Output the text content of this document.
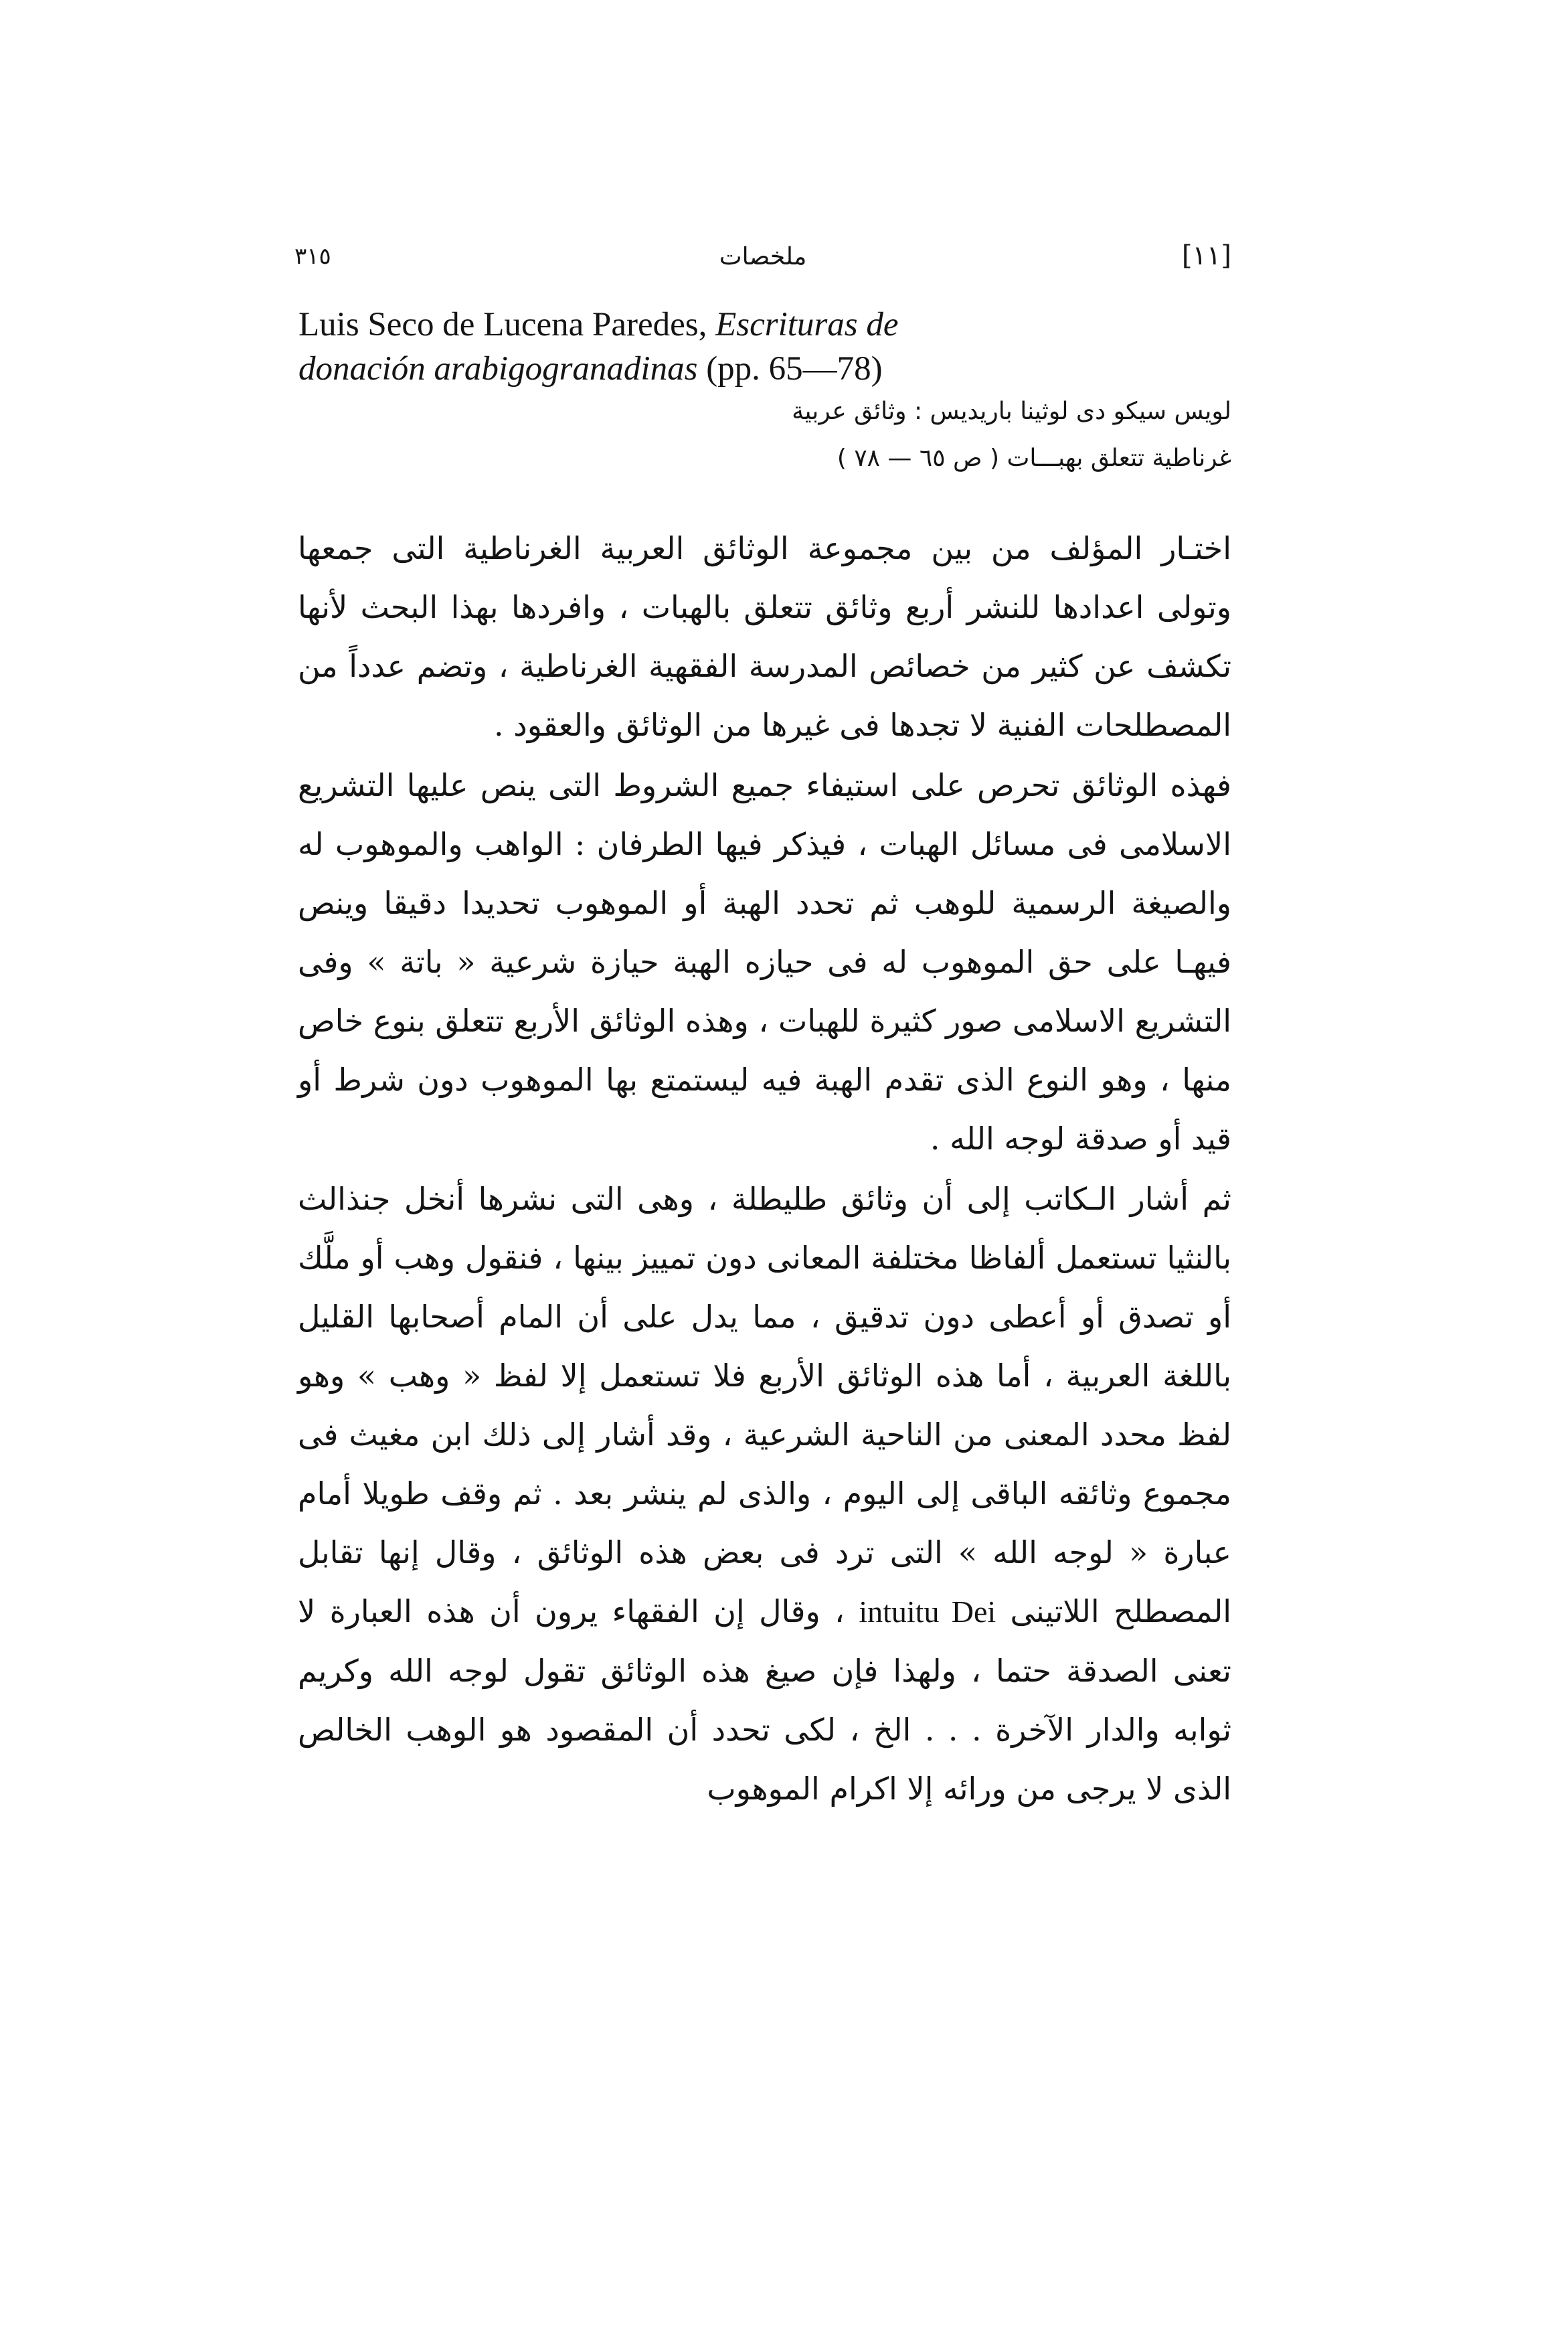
٣١٥	ملخصات	[١١]
Luis Seco de Lucena Paredes, Escrituras de donación arabigogranadinas (pp. 65—78)
لويس سيكو دى لوثينا باريديس : وثائق عربية
غرناطية تتعلق بهبـــات ( ص ٦٥ — ٧٨ )

اختـار المؤلف من بين مجموعة الوثائق العربية الغرناطية التى جمعها وتولى اعدادها للنشر أربع وثائق تتعلق بالهبات ، وافردها بهذا البحث لأنها تكشف عن كثير من خصائص المدرسة الفقهية الغرناطية ، وتضم عدداً من المصطلحات الفنية لا تجدها فى غيرها من الوثائق والعقود .

فهذه الوثائق تحرص على استيفاء جميع الشروط التى ينص عليها التشريع الاسلامى فى مسائل الهبات ، فيذكر فيها الطرفان : الواهب والموهوب له والصيغة الرسمية للوهب ثم تحدد الهبة أو الموهوب تحديدا دقيقا وينص فيهـا على حق الموهوب له فى حيازه الهبة حيازة شرعية « باتة » وفى التشريع الاسلامى صور كثيرة للهبات ، وهذه الوثائق الأربع تتعلق بنوع خاص منها ، وهو النوع الذى تقدم الهبة فيه ليستمتع بها الموهوب دون شرط أو قيد أو صدقة لوجه الله .

ثم أشار الـكاتب إلى أن وثائق طليطلة ، وهى التى نشرها أنخل جنذالث بالنثيا تستعمل ألفاظا مختلفة المعانى دون تمييز بينها ، فنقول وهب أو ملَّك أو تصدق أو أعطى دون تدقيق ، مما يدل على أن المام أصحابها القليل باللغة العربية ، أما هذه الوثائق الأربع فلا تستعمل إلا لفظ « وهب » وهو لفظ محدد المعنى من الناحية الشرعية ، وقد أشار إلى ذلك ابن مغيث فى مجموع وثائقه الباقى إلى اليوم ، والذى لم ينشر بعد . ثم وقف طويلا أمام عبارة « لوجه الله » التى ترد فى بعض هذه الوثائق ، وقال إنها تقابل المصطلح اللاتينى intuitu Dei ، وقال إن الفقهاء يرون أن هذه العبارة لا تعنى الصدقة حتما ، ولهذا فإن صيغ هذه الوثائق تقول لوجه الله وكريم ثوابه والدار الآخرة . . . الخ ، لكى تحدد أن المقصود هو الوهب الخالص الذى لا يرجى من ورائه إلا اكرام الموهوب
